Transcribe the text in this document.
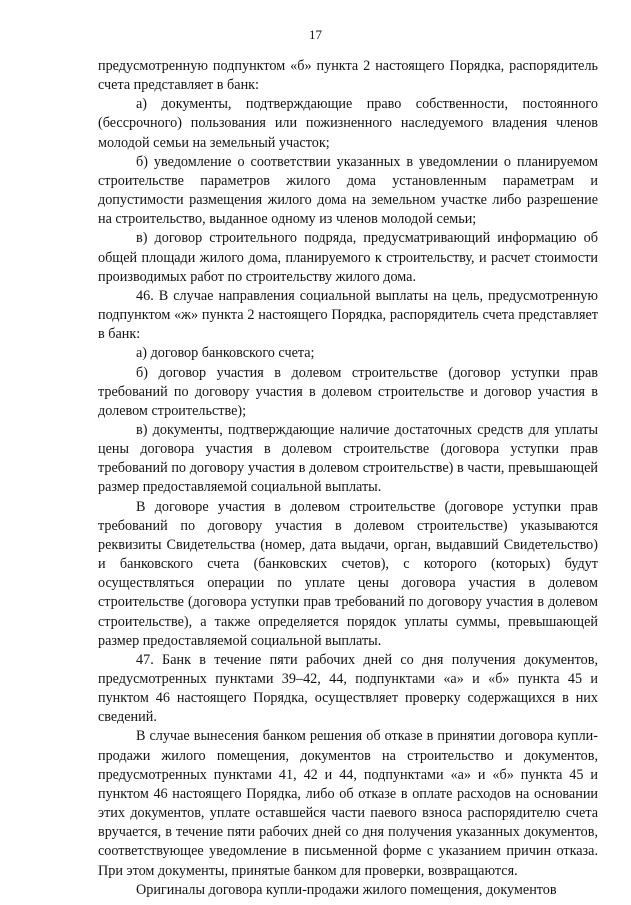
17

предусмотренную подпунктом «б» пункта 2 настоящего Порядка, распорядитель счета представляет в банк:

а) документы, подтверждающие право собственности, постоянного (бессрочного) пользования или пожизненного наследуемого владения членов молодой семьи на земельный участок;

б) уведомление о соответствии указанных в уведомлении о планируемом строительстве параметров жилого дома установленным параметрам и допустимости размещения жилого дома на земельном участке либо разрешение на строительство, выданное одному из членов молодой семьи;

в) договор строительного подряда, предусматривающий информацию об общей площади жилого дома, планируемого к строительству, и расчет стоимости производимых работ по строительству жилого дома.

46. В случае направления социальной выплаты на цель, предусмотренную подпунктом «ж» пункта 2 настоящего Порядка, распорядитель счета представляет в банк:

а) договор банковского счета;

б) договор участия в долевом строительстве (договор уступки прав требований по договору участия в долевом строительстве и договор участия в долевом строительстве);

в) документы, подтверждающие наличие достаточных средств для уплаты цены договора участия в долевом строительстве (договора уступки прав требований по договору участия в долевом строительстве) в части, превышающей размер предоставляемой социальной выплаты.

В договоре участия в долевом строительстве (договоре уступки прав требований по договору участия в долевом строительстве) указываются реквизиты Свидетельства (номер, дата выдачи, орган, выдавший Свидетельство) и банковского счета (банковских счетов), с которого (которых) будут осуществляться операции по уплате цены договора участия в долевом строительстве (договора уступки прав требований по договору участия в долевом строительстве), а также определяется порядок уплаты суммы, превышающей размер предоставляемой социальной выплаты.

47. Банк в течение пяти рабочих дней со дня получения документов, предусмотренных пунктами 39–42, 44, подпунктами «а» и «б» пункта 45 и пунктом 46 настоящего Порядка, осуществляет проверку содержащихся в них сведений.

В случае вынесения банком решения об отказе в принятии договора купли-продажи жилого помещения, документов на строительство и документов, предусмотренных пунктами 41, 42 и 44, подпунктами «а» и «б» пункта 45 и пунктом 46 настоящего Порядка, либо об отказе в оплате расходов на основании этих документов, уплате оставшейся части паевого взноса распорядителю счета вручается, в течение пяти рабочих дней со дня получения указанных документов, соответствующее уведомление в письменной форме с указанием причин отказа. При этом документы, принятые банком для проверки, возвращаются.

Оригиналы договора купли-продажи жилого помещения, документов
